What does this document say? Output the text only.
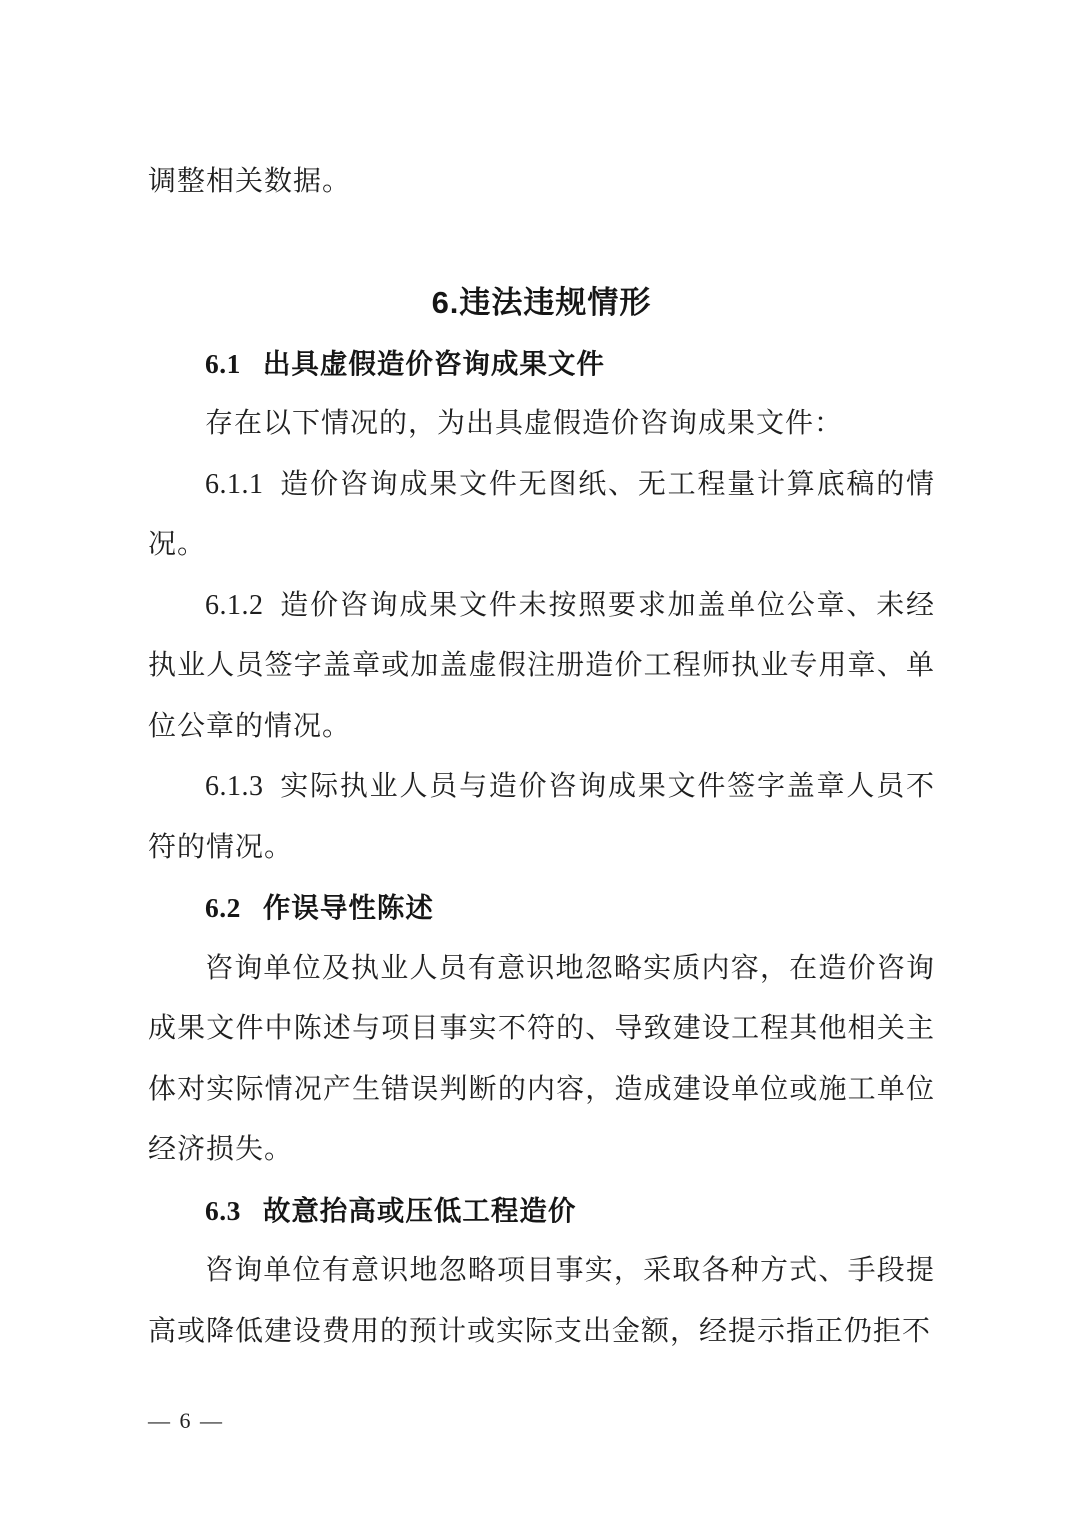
调整相关数据。

6.违法违规情形

6.1 出具虚假造价咨询成果文件

存在以下情况的，为出具虚假造价咨询成果文件：

6.1.1 造价咨询成果文件无图纸、无工程量计算底稿的情况。

6.1.2 造价咨询成果文件未按照要求加盖单位公章、未经执业人员签字盖章或加盖虚假注册造价工程师执业专用章、单位公章的情况。

6.1.3 实际执业人员与造价咨询成果文件签字盖章人员不符的情况。

6.2 作误导性陈述

咨询单位及执业人员有意识地忽略实质内容，在造价咨询成果文件中陈述与项目事实不符的、导致建设工程其他相关主体对实际情况产生错误判断的内容，造成建设单位或施工单位经济损失。

6.3 故意抬高或压低工程造价

咨询单位有意识地忽略项目事实，采取各种方式、手段提高或降低建设费用的预计或实际支出金额，经提示指正仍拒不

— 6 —
